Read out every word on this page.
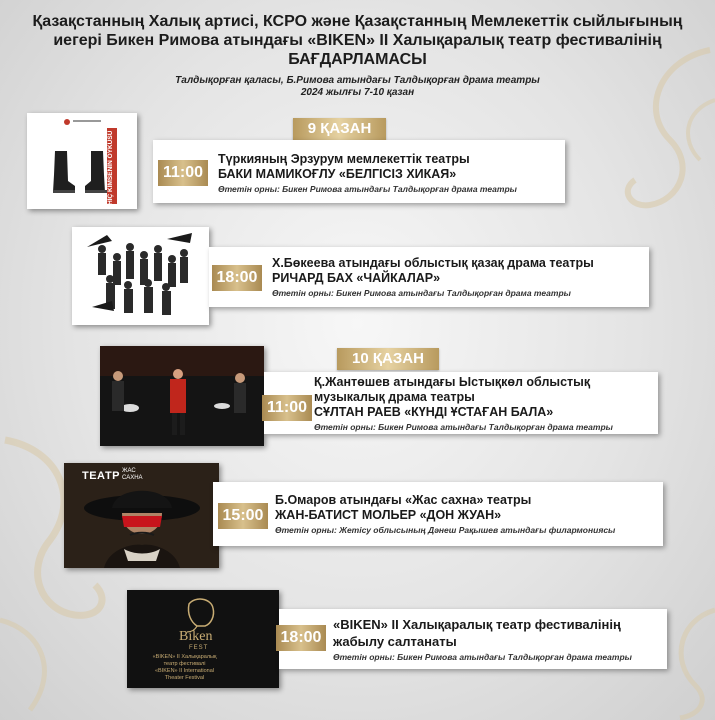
Қазақстанның Халық артисі, КСРО және Қазақстанның Мемлекеттік сыйлығының
иегері Бикен Римова атындағы «BIKEN» II Халықаралық театр фестивалінің
БАҒДАРЛАМАСЫ
Талдықорған қаласы, Б.Римова атындағы Талдықорған драма театры
2024 жылғы 7-10 қазан
HİÇ KİMSENİN ÖYKÜSÜ
9 ҚАЗАН
11:00
Түркияның Эрзурум мемлекеттік театры
БАКИ МАМИКОҒЛУ «БЕЛГІСІЗ ХИКАЯ»
Өтетін орны: Бикен Римова атындағы Талдықорған драма театры
18:00
Х.Бөкеева атындағы облыстық қазақ драма театры
РИЧАРД БАХ «ЧАЙКАЛАР»
Өтетін орны: Бикен Римова атындағы Талдықорған драма театры
10 ҚАЗАН
11:00
Қ.Жантөшев атындағы Ыстықкөл облыстық
музыкалық драма театры
СҰЛТАН РАЕВ «КҮНДІ ҰСТАҒАН БАЛА»
Өтетін орны: Бикен Римова атындағы Талдықорған драма театры
ТЕАТР ЖАС
САХНА
15:00
Б.Омаров атындағы «Жас сахна» театры
ЖАН-БАТИСТ МОЛЬЕР «ДОН ЖУАН»
Өтетін орны: Жетісу облысының Дәнеш Рақышев атындағы филармониясы
Biken
FEST
«BIKEN» II Халықаралық
театр фестивалі
«BIKEN» II International
Theater Festival
18:00
«BIKEN» II Халықаралық театр фестивалінің
жабылу салтанаты
Өтетін орны: Бикен Римова атындағы Талдықорған драма театры
